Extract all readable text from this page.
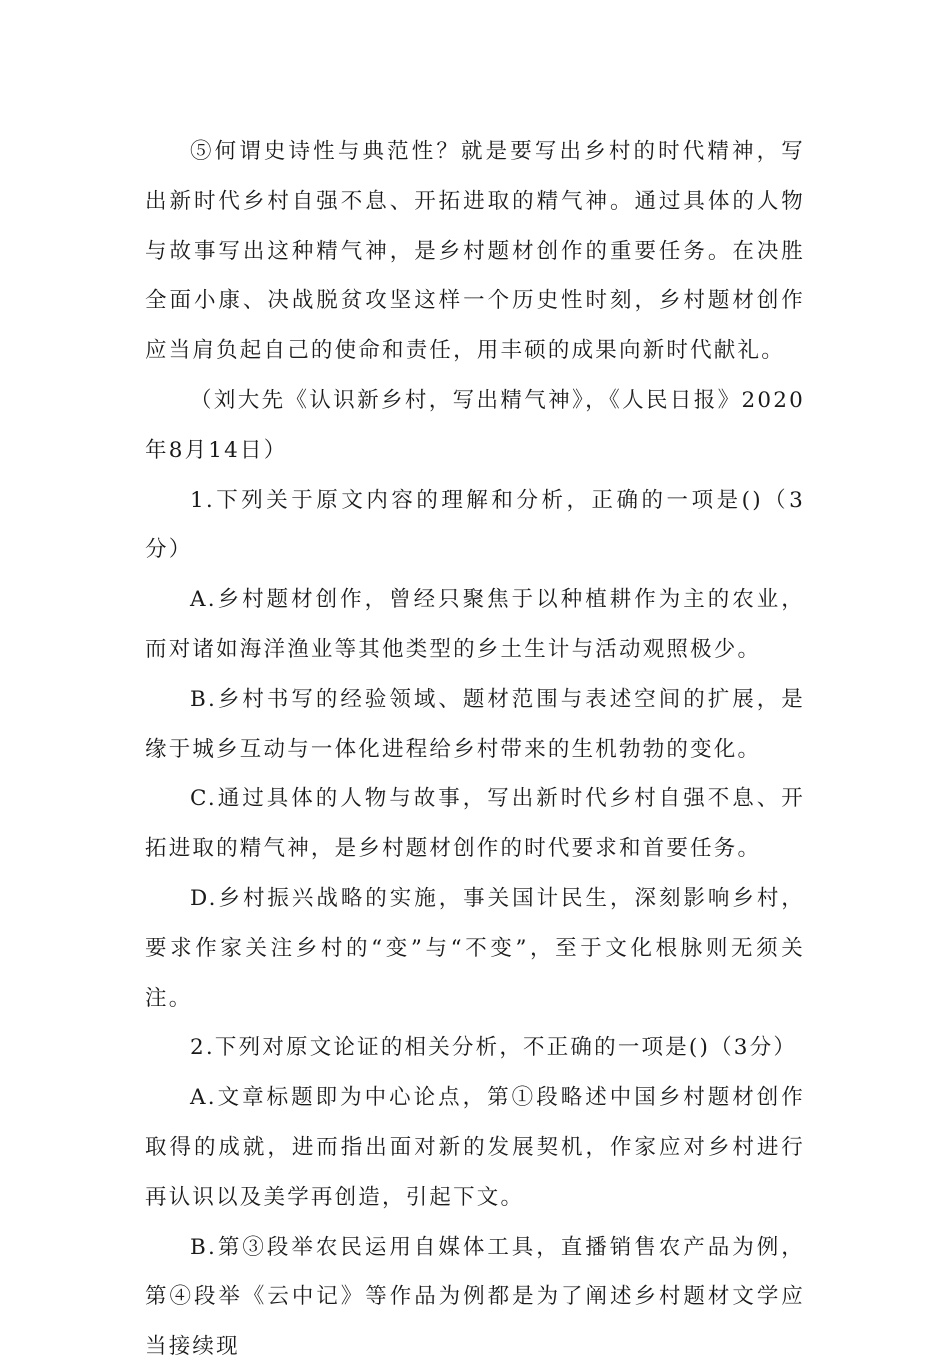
⑤何谓史诗性与典范性？就是要写出乡村的时代精神，写出新时代乡村自强不息、开拓进取的精气神。通过具体的人物与故事写出这种精气神，是乡村题材创作的重要任务。在决胜全面小康、决战脱贫攻坚这样一个历史性时刻，乡村题材创作应当肩负起自己的使命和责任，用丰硕的成果向新时代献礼。

（刘大先《认识新乡村，写出精气神》，《人民日报》2020年8月14日）

1.下列关于原文内容的理解和分析，正确的一项是()（3分）

A.乡村题材创作，曾经只聚焦于以种植耕作为主的农业，而对诸如海洋渔业等其他类型的乡土生计与活动观照极少。

B.乡村书写的经验领域、题材范围与表述空间的扩展，是缘于城乡互动与一体化进程给乡村带来的生机勃勃的变化。

C.通过具体的人物与故事，写出新时代乡村自强不息、开拓进取的精气神，是乡村题材创作的时代要求和首要任务。

D.乡村振兴战略的实施，事关国计民生，深刻影响乡村，要求作家关注乡村的“变”与“不变”，至于文化根脉则无须关注。

2.下列对原文论证的相关分析，不正确的一项是()（3分）

A.文章标题即为中心论点，第①段略述中国乡村题材创作取得的成就，进而指出面对新的发展契机，作家应对乡村进行再认识以及美学再创造，引起下文。

B.第③段举农民运用自媒体工具，直播销售农产品为例，第④段举《云中记》等作品为例都是为了阐述乡村题材文学应当接续现
